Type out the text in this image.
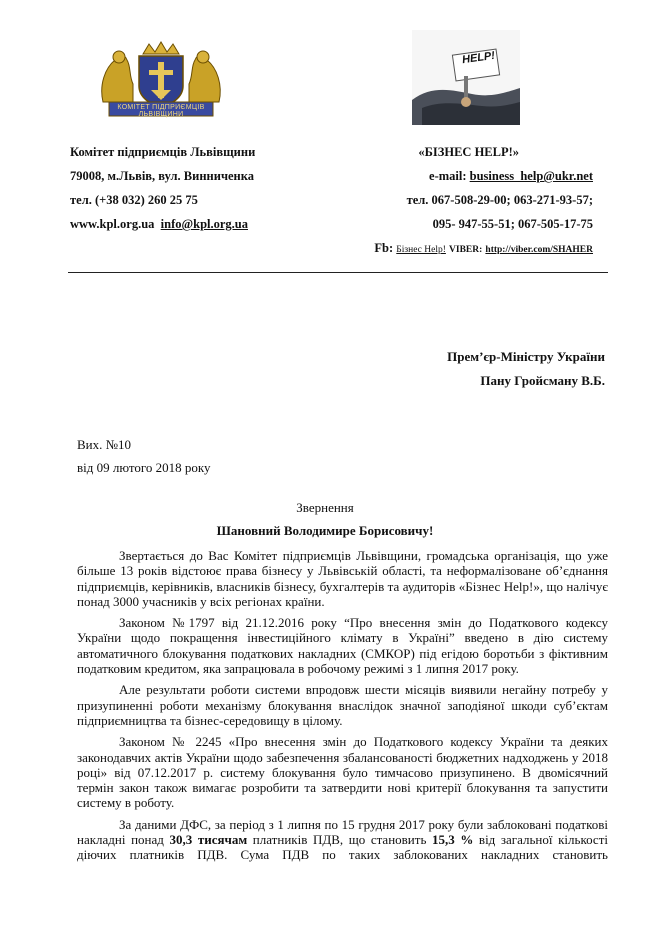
КОМІТЕТ ПІДПРИЄМЦІВ ЛЬВІВЩИНИ
HELP!
Комітет підприємців Львівщини
79008, м.Львів, вул. Винниченка
тел. (+38 032) 260 25 75
www.kpl.org.ua info@kpl.org.ua
«БІЗНЕС HELP!»
e-mail: business_help@ukr.net
тел. 067-508-29-00; 063-271-93-57;
095- 947-55-51; 067-505-17-75
Fb: Бізнес Help! VIBER: http://viber.com/SHAHER
Прем’єр-Міністру України
Пану Гройсману В.Б.
Вих. №10
від 09 лютого 2018 року
Звернення
Шановний Володимире Борисовичу!

Звертається до Вас Комітет підприємців Львівщини, громадська організація, що уже більше 13 років відстоює права бізнесу у Львівській області, та неформалізоване об’єднання підприємців, керівників, власників бізнесу, бухгалтерів та аудиторів «Бізнес Help!», що налічує понад 3000 учасників у всіх регіонах країни.

Законом №1797 від 21.12.2016 року “Про внесення змін до Податкового кодексу України щодо покращення інвестиційного клімату в Україні” введено в дію систему автоматичного блокування податкових накладних (СМКОР) під егідою боротьби з фіктивним податковим кредитом, яка запрацювала в робочому режимі з 1 липня 2017 року.

Але результати роботи системи впродовж шести місяців виявили негайну потребу у призупиненні роботи механізму блокування внаслідок значної заподіяної шкоди суб’єктам підприємництва та бізнес-середовищу в цілому.

Законом № 2245 «Про внесення змін до Податкового кодексу України та деяких законодавчих актів України щодо забезпечення збалансованості бюджетних надходжень у 2018 році» від 07.12.2017 р. систему блокування було тимчасово призупинено. В двомісячний термін закон також вимагає розробити та затвердити нові критерії блокування та запустити систему в роботу.

За даними ДФС, за період з 1 липня по 15 грудня 2017 року були заблоковані податкові накладні понад 30,3 тисячам платників ПДВ, що становить 15,3 % від загальної кількості діючих платників ПДВ. Сума ПДВ по таких заблокованих накладних становить
